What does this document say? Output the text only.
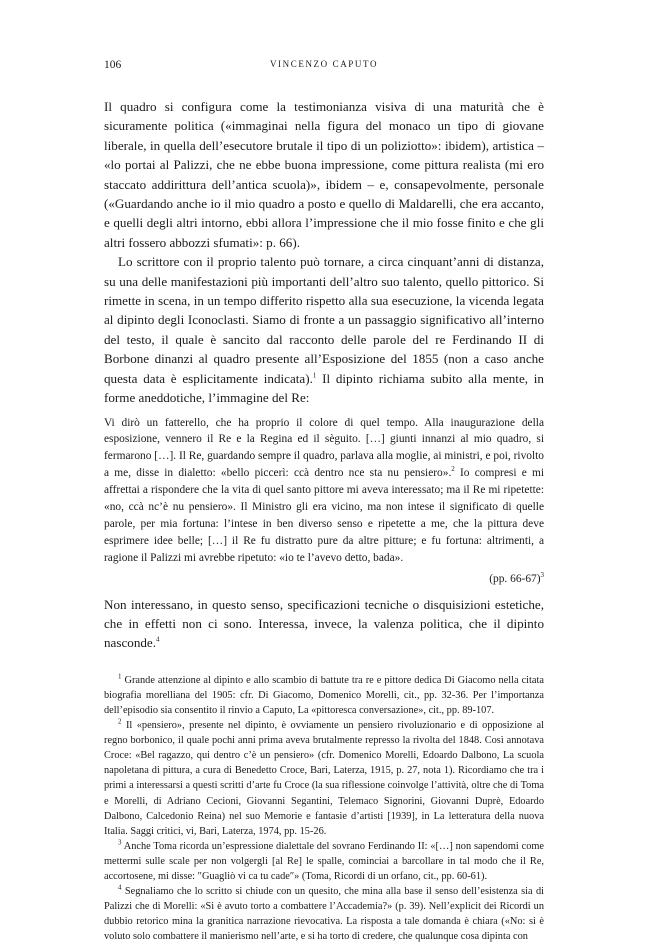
106	VINCENZO CAPUTO

Il quadro si configura come la testimonianza visiva di una maturità che è sicuramente politica («immaginai nella figura del monaco un tipo di giovane liberale, in quella dell’esecutore brutale il tipo di un poliziotto»: ibidem), artistica – «lo portai al Palizzi, che ne ebbe buona impressione, come pittura realista (mi ero staccato addirittura dell’antica scuola)», ibidem – e, consapevolmente, personale («Guardando anche io il mio quadro a posto e quello di Maldarelli, che era accanto, e quelli degli altri intorno, ebbi allora l’impressione che il mio fosse finito e che gli altri fossero abbozzi sfumati»: p. 66).

Lo scrittore con il proprio talento può tornare, a circa cinquant’anni di distanza, su una delle manifestazioni più importanti dell’altro suo talento, quello pittorico. Si rimette in scena, in un tempo differito rispetto alla sua esecuzione, la vicenda legata al dipinto degli Iconoclasti. Siamo di fronte a un passaggio significativo all’interno del testo, il quale è sancito dal racconto delle parole del re Ferdinando II di Borbone dinanzi al quadro presente all’Esposizione del 1855 (non a caso anche questa data è esplicitamente indicata).$^1$ Il dipinto richiama subito alla mente, in forme aneddotiche, l’immagine del Re:

Vi dirò un fatterello, che ha proprio il colore di quel tempo. Alla inaugurazione della esposizione, vennero il Re e la Regina ed il sèguito. […] giunti innanzi al mio quadro, si fermarono […]. Il Re, guardando sempre il quadro, parlava alla moglie, ai ministri, e poi, rivolto a me, disse in dialetto: «bello piccerì: ccà dentro nce sta nu pensiero».$^2$ Io compresi e mi affrettai a rispondere che la vita di quel santo pittore mi aveva interessato; ma il Re mi ripetette: «no, ccà nc’è nu pensiero». Il Ministro gli era vicino, ma non intese il significato di quelle parole, per mia fortuna: l’intese in ben diverso senso e ripetette a me, che la pittura deve esprimere idee belle; […] il Re fu distratto pure da altre pitture; e fu fortuna: altrimenti, a ragione il Palizzi mi avrebbe ripetuto: «io te l’avevo detto, bada».

(pp. 66-67)$^3$

Non interessano, in questo senso, specificazioni tecniche o disquisizioni estetiche, che in effetti non ci sono. Interessa, invece, la valenza politica, che il dipinto nasconde.$^4$

$^1$ Grande attenzione al dipinto e allo scambio di battute tra re e pittore dedica Di Giacomo nella citata biografia morelliana del 1905: cfr. Di Giacomo, Domenico Morelli, cit., pp. 32-36. Per l’importanza dell’episodio sia consentito il rinvio a Caputo, La «pittoresca conversazione», cit., pp. 89-107.

$^2$ Il «pensiero», presente nel dipinto, è ovviamente un pensiero rivoluzionario e di opposizione al regno borbonico, il quale pochi anni prima aveva brutalmente represso la rivolta del 1848. Così annotava Croce: «Bel ragazzo, qui dentro c’è un pensiero» (cfr. Domenico Morelli, Edoardo Dalbono, La scuola napoletana di pittura, a cura di Benedetto Croce, Bari, Laterza, 1915, p. 27, nota 1). Ricordiamo che tra i primi a interessarsi a questi scritti d’arte fu Croce (la sua riflessione coinvolge l’attività, oltre che di Toma e Morelli, di Adriano Cecioni, Giovanni Segantini, Telemaco Signorini, Giovanni Duprè, Edoardo Dalbono, Calcedonio Reina) nel suo Memorie e fantasie d’artisti [1939], in La letteratura della nuova Italia. Saggi critici, vi, Bari, Laterza, 1974, pp. 15-26.

$^3$ Anche Toma ricorda un’espressione dialettale del sovrano Ferdinando II: «[…] non sapendomi come mettermi sulle scale per non volgergli [al Re] le spalle, cominciai a barcollare in tal modo che il Re, accortosene, mi disse: ″Guagliò vi ca tu cade″» (Toma, Ricordi di un orfano, cit., pp. 60-61).

$^4$ Segnaliamo che lo scritto si chiude con un quesito, che mina alla base il senso dell’esistenza sia di Palizzi che di Morelli: «Si è avuto torto a combattere l’Accademia?» (p. 39). Nell’explicit dei Ricordi un dubbio retorico mina la granitica narrazione rievocativa. La risposta a tale domanda è chiara («No: si è voluto solo combattere il manierismo nell’arte, e si ha torto di credere, che qualunque cosa dipinta con
